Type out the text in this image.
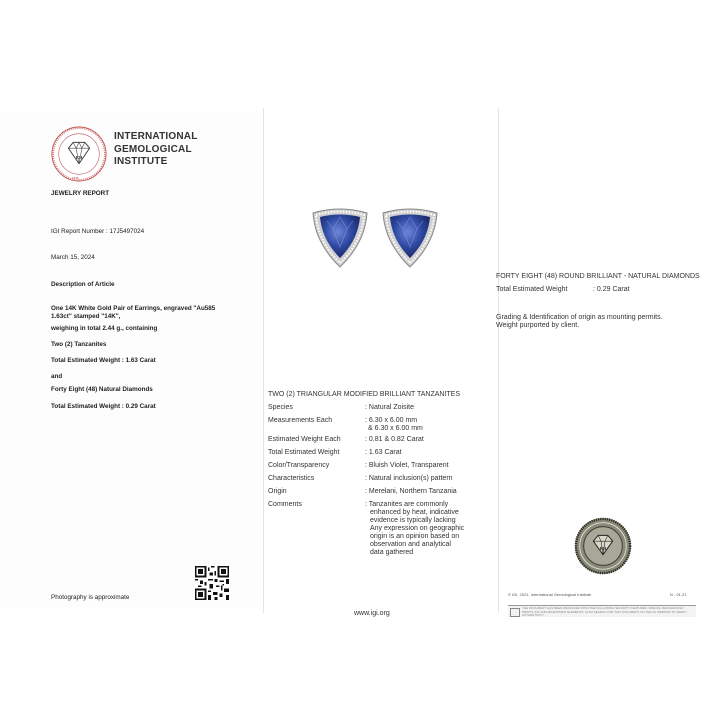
IGI
1975
INTERNATIONAL
GEMOLOGICAL
INSTITUTE
JEWELRY REPORT
IGI Report Number : 17J5497024
March 15, 2024
Description of Article
One 14K White Gold Pair of Earrings, engraved "Au585
1.63ct" stamped "14K",
weighing in total 2.44 g., containing
Two (2) Tanzanites
Total Estimated Weight : 1.63 Carat
and
Forty Eight (48) Natural Diamonds
Total Estimated Weight : 0.29 Carat
Photography is approximate
TWO (2) TRIANGULAR MODIFIED BRILLIANT TANZANITES
Species	: Natural Zoisite
Measurements Each	: 6.30 x 6.00 mm
& 6.30 x 6.00 mm
Estimated Weight Each	: 0.81 & 0.82 Carat
Total Estimated Weight	: 1.63 Carat
Color/Transparency	: Bluish Violet, Transparent
Characteristics	: Natural inclusion(s) pattern
Origin	: Merelani, Northern Tanzania
Comments	: Tanzanites are commonly
enhanced by heat, indicative
evidence is typically lacking
Any expression on geographic
origin is an opinion based on
observation and analytical
data gathered
www.igi.org
FORTY EIGHT (48) ROUND BRILLIANT - NATURAL DIAMONDS
Total Estimated Weight	: 0.29 Carat
Grading & Identification of origin as mounting permits.
Weight purported by client.
IGI
© IGI, 2021, International Gemological Institute	N - 01.21
THE DOCUMENT HAS BEEN PRODUCED WITH THE FOLLOWING SECURITY FEATURES: SPECIAL BACKGROUND PRINTS, INK AND MICROPRINT ELEMENTS. ALSO SEARCH FOR THIS DOCUMENT ON THE IGI WEBSITE TO VERIFY AUTHENTICITY.
